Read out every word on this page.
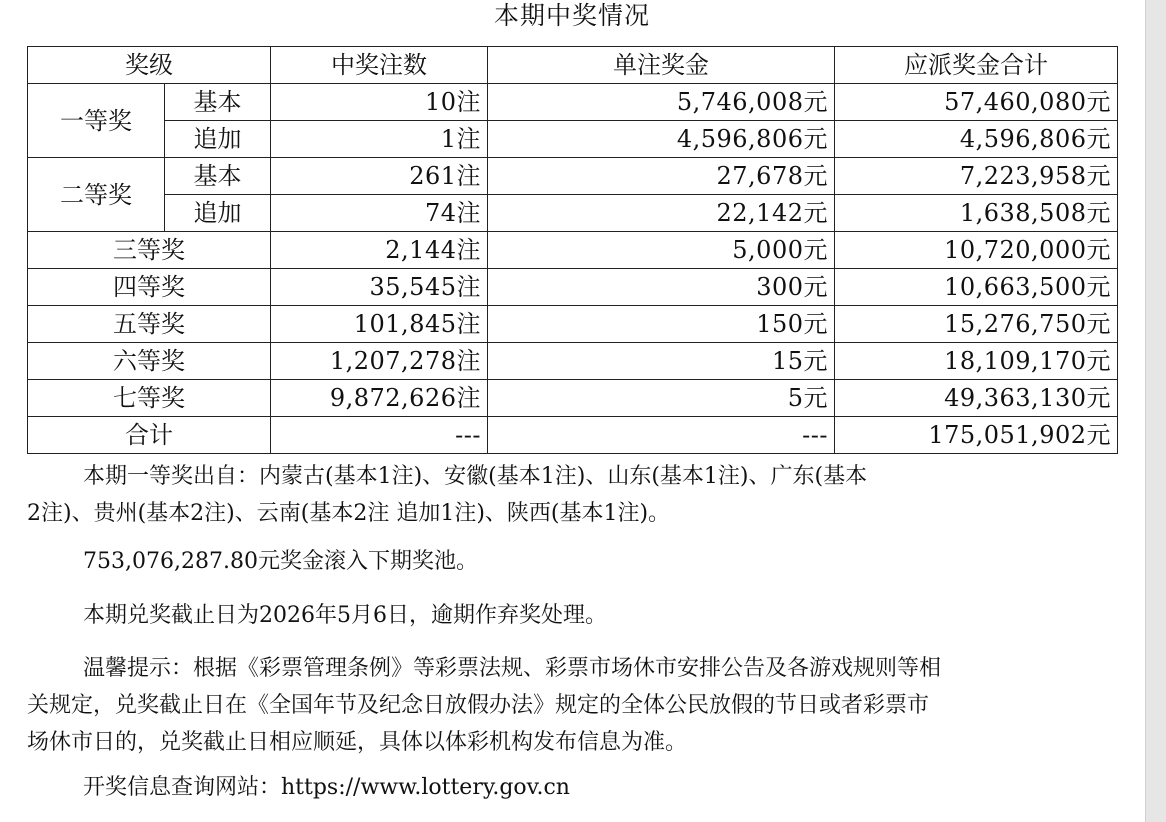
本期中奖情况
奖级		中奖注数	单注奖金	应派奖金合计
一等奖	基本	10注	5,746,008元	57,460,080元
	追加	1注	4,596,806元	4,596,806元
二等奖	基本	261注	27,678元	7,223,958元
	追加	74注	22,142元	1,638,508元
三等奖		2,144注	5,000元	10,720,000元
四等奖		35,545注	300元	10,663,500元
五等奖		101,845注	150元	15,276,750元
六等奖		1,207,278注	15元	18,109,170元
七等奖		9,872,626注	5元	49,363,130元
合计		---	---	175,051,902元
本期一等奖出自：内蒙古(基本1注)、安徽(基本1注)、山东(基本1注)、广东(基本
2注)、贵州(基本2注)、云南(基本2注 追加1注)、陕西(基本1注)。
753,076,287.80元奖金滚入下期奖池。
本期兑奖截止日为2026年5月6日，逾期作弃奖处理。
温馨提示：根据《彩票管理条例》等彩票法规、彩票市场休市安排公告及各游戏规则等相
关规定，兑奖截止日在《全国年节及纪念日放假办法》规定的全体公民放假的节日或者彩票市
场休市日的，兑奖截止日相应顺延，具体以体彩机构发布信息为准。
开奖信息查询网站：https://www.lottery.gov.cn
